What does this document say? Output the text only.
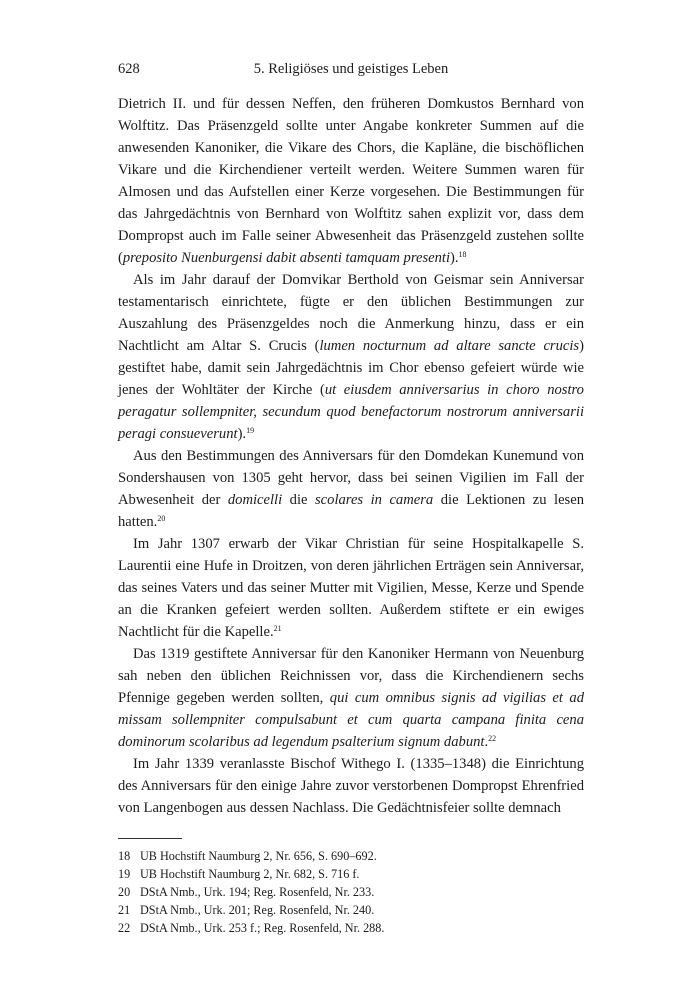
628	5. Religiöses und geistiges Leben

Dietrich II. und für dessen Neffen, den früheren Domkustos Bernhard von Wolftitz. Das Präsenzgeld sollte unter Angabe konkreter Summen auf die anwesenden Kanoniker, die Vikare des Chors, die Kapläne, die bischöflichen Vikare und die Kirchendiener verteilt werden. Weitere Summen waren für Almosen und das Aufstellen einer Kerze vorgesehen. Die Bestimmungen für das Jahrgedächtnis von Bernhard von Wolftitz sahen explizit vor, dass dem Dompropst auch im Falle seiner Abwesenheit das Präsenzgeld zustehen sollte (preposito Nuenburgensi dabit absenti tamquam presenti).$^{18}$

Als im Jahr darauf der Domvikar Berthold von Geismar sein Anniversar testamentarisch einrichtete, fügte er den üblichen Bestimmungen zur Auszahlung des Präsenzgeldes noch die Anmerkung hinzu, dass er ein Nachtlicht am Altar S. Crucis (lumen nocturnum ad altare sancte crucis) gestiftet habe, damit sein Jahrgedächtnis im Chor ebenso gefeiert würde wie jenes der Wohltäter der Kirche (ut eiusdem anniversarius in choro nostro peragatur sollempniter, secundum quod benefactorum nostrorum anniversarii peragi consueverunt).$^{19}$

Aus den Bestimmungen des Anniversars für den Domdekan Kunemund von Sondershausen von 1305 geht hervor, dass bei seinen Vigilien im Fall der Abwesenheit der domicelli die scolares in camera die Lektionen zu lesen hatten.$^{20}$

Im Jahr 1307 erwarb der Vikar Christian für seine Hospitalkapelle S. Laurentii eine Hufe in Droitzen, von deren jährlichen Erträgen sein Anniversar, das seines Vaters und das seiner Mutter mit Vigilien, Messe, Kerze und Spende an die Kranken gefeiert werden sollten. Außerdem stiftete er ein ewiges Nachtlicht für die Kapelle.$^{21}$

Das 1319 gestiftete Anniversar für den Kanoniker Hermann von Neuenburg sah neben den üblichen Reichnissen vor, dass die Kirchendienern sechs Pfennige gegeben werden sollten, qui cum omnibus signis ad vigilias et ad missam sollempniter compulsabunt et cum quarta campana finita cena dominorum scolaribus ad legendum psalterium signum dabunt.$^{22}$

Im Jahr 1339 veranlasste Bischof Withego I. (1335–1348) die Einrichtung des Anniversars für den einige Jahre zuvor verstorbenen Dompropst Ehrenfried von Langenbogen aus dessen Nachlass. Die Gedächtnisfeier sollte demnach

18 UB Hochstift Naumburg 2, Nr. 656, S. 690–692.
19 UB Hochstift Naumburg 2, Nr. 682, S. 716 f.
20 DStA Nmb., Urk. 194; Reg. Rosenfeld, Nr. 233.
21 DStA Nmb., Urk. 201; Reg. Rosenfeld, Nr. 240.
22 DStA Nmb., Urk. 253 f.; Reg. Rosenfeld, Nr. 288.
